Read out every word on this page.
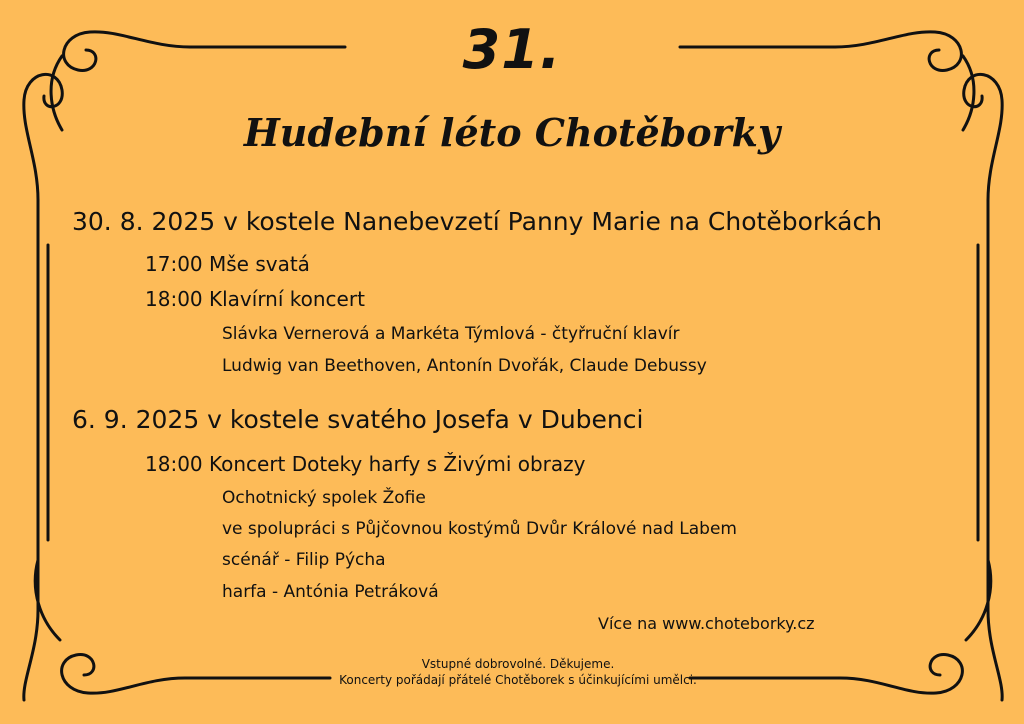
31.
Hudební léto Chotěborky
30. 8. 2025 v kostele Nanebevzetí Panny Marie na Chotěborkách
17:00 Mše svatá
18:00 Klavírní koncert
Slávka Vernerová a Markéta Týmlová - čtyřruční klavír
Ludwig van Beethoven, Antonín Dvořák, Claude Debussy
6. 9. 2025 v kostele svatého Josefa v Dubenci
18:00 Koncert Doteky harfy s Živými obrazy
Ochotnický spolek Žofie
ve spolupráci s Půjčovnou kostýmů Dvůr Králové nad Labem
scénář - Filip Pýcha
harfa - Antónia Petráková
Více na www.choteborky.cz
Vstupné dobrovolné. Děkujeme.
Koncerty pořádají přátelé Chotěborek s účinkujícími umělci.
